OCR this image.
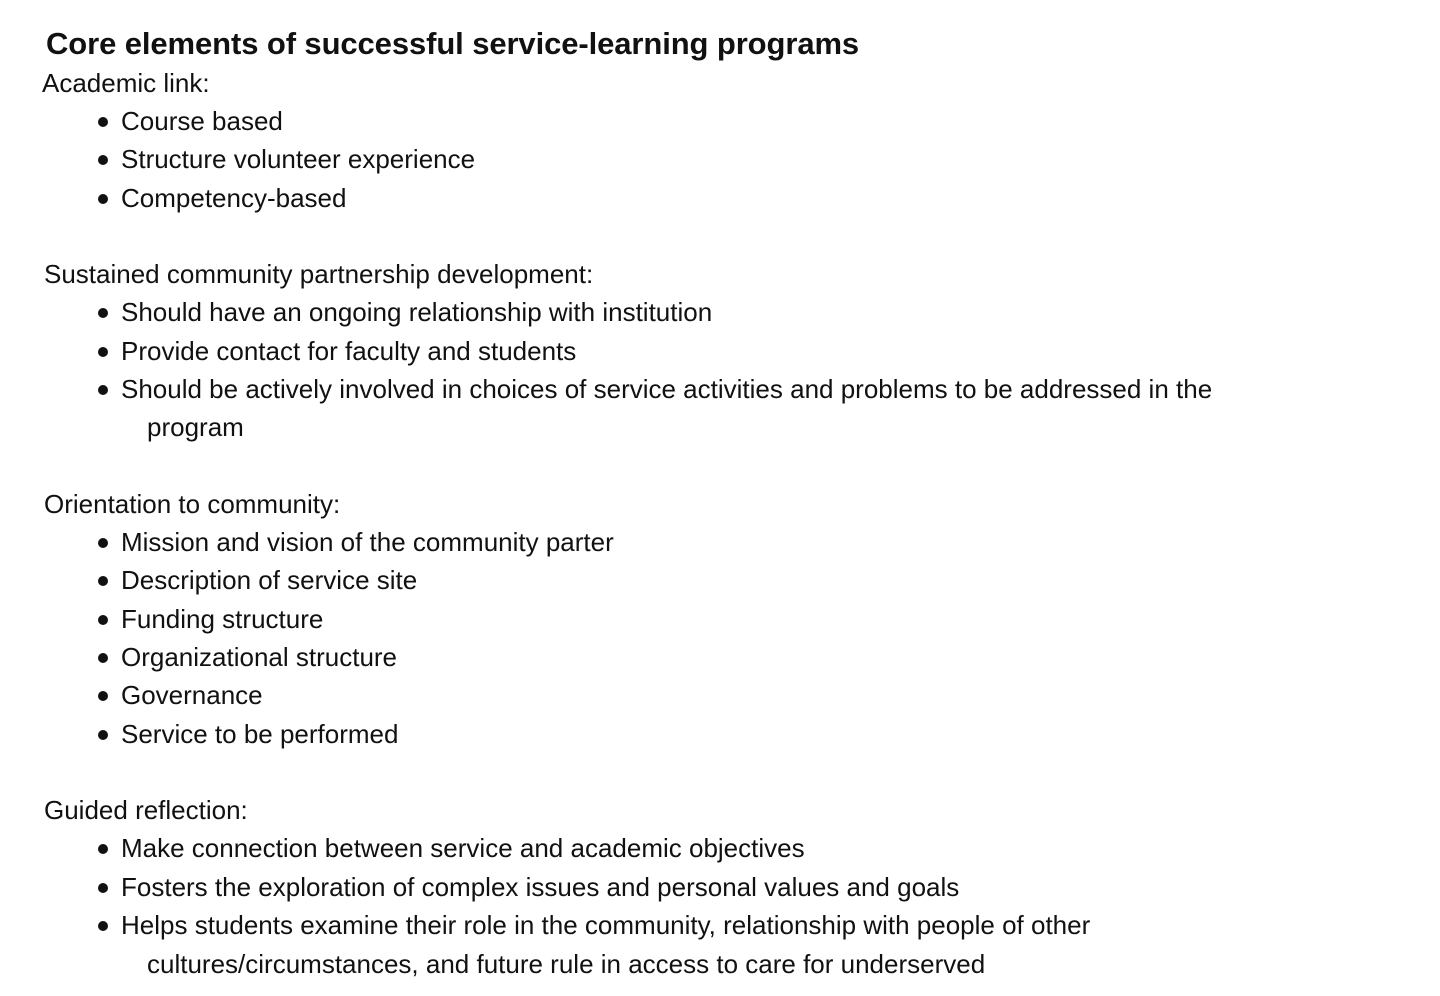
Core elements of successful service-learning programs

Academic link:

Course based
Structure volunteer experience
Competency-based

Sustained community partnership development:

Should have an ongoing relationship with institution
Provide contact for faculty and students
Should be actively involved in choices of service activities and problems to be addressed in the
program

Orientation to community:

Mission and vision of the community parter
Description of service site
Funding structure
Organizational structure
Governance
Service to be performed

Guided reflection:

Make connection between service and academic objectives
Fosters the exploration of complex issues and personal values and goals
Helps students examine their role in the community, relationship with people of other
cultures/circumstances, and future rule in access to care for underserved
